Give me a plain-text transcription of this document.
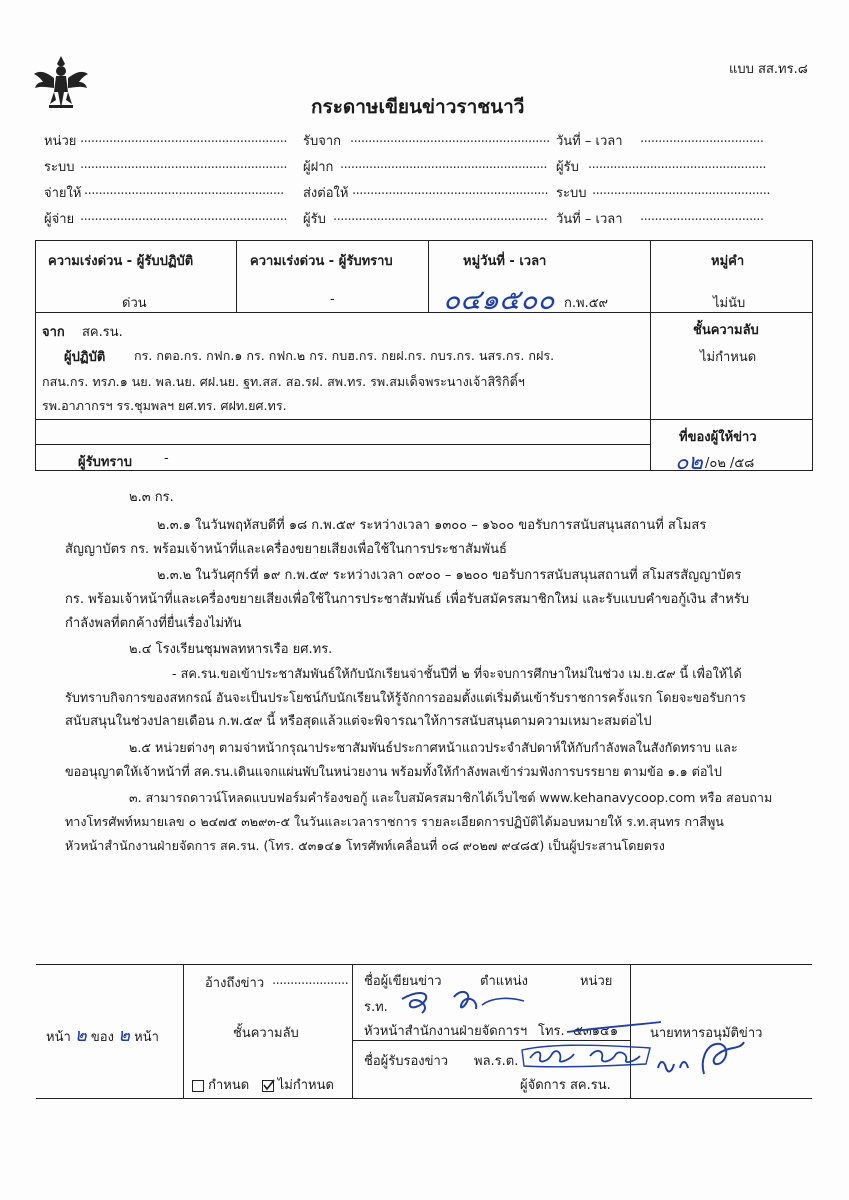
แบบ สส.ทร.๘
กระดาษเขียนข่าวราชนาวี
หน่วย ......................................................... รับจาก ....................................................... วันที่ – เวลา ..................................
ระบบ ......................................................... ผู้ฝาก ......................................................... ผู้รับ .................................................
จ่ายให้ ....................................................... ส่งต่อให้ ...................................................... ระบบ .................................................
ผู้จ่าย ......................................................... ผู้รับ ........................................................... วันที่ – เวลา ..................................
ความเร่งด่วน - ผู้รับปฏิบัติ	ความเร่งด่วน - ผู้รับทราบ	หมู่วันที่ - เวลา	หมู่คำ
ด่วน	-	๐๔๑๕๐๐ ก.พ.๕๙	ไม่นับ
จาก สค.รน.	ชั้นความลับ
ไม่กำหนด
ผู้ปฏิบัติ กร. กตอ.กร. กฟก.๑ กร. กฟก.๒ กร. กบฮ.กร. กยฝ.กร. กบร.กร. นสร.กร. กฝร.
กสน.กร. ทรภ.๑ นย. พล.นย. ศฝ.นย. ฐท.สส. สอ.รฝ. สพ.ทร. รพ.สมเด็จพระนางเจ้าสิริกิติ์ฯ
รพ.อาภากรฯ รร.ชุมพลฯ ยศ.ทร. ศฝท.ยศ.ทร.
ที่ของผู้ให้ข่าว
๐๒ /๐๒ /๕๘
ผู้รับทราบ -
๒.๓ กร.
๒.๓.๑ ในวันพฤหัสบดีที่ ๑๘ ก.พ.๕๙ ระหว่างเวลา ๑๓๐๐ – ๑๖๐๐ ขอรับการสนับสนุนสถานที่ สโมสร
สัญญาบัตร กร. พร้อมเจ้าหน้าที่และเครื่องขยายเสียงเพื่อใช้ในการประชาสัมพันธ์
๒.๓.๒ ในวันศุกร์ที่ ๑๙ ก.พ.๕๙ ระหว่างเวลา ๐๙๐๐ – ๑๒๐๐ ขอรับการสนับสนุนสถานที่ สโมสรสัญญาบัตร
กร. พร้อมเจ้าหน้าที่และเครื่องขยายเสียงเพื่อใช้ในการประชาสัมพันธ์ เพื่อรับสมัครสมาชิกใหม่ และรับแบบคำขอกู้เงิน สำหรับ
กำลังพลที่ตกค้างที่ยื่นเรื่องไม่ทัน
๒.๔ โรงเรียนชุมพลทหารเรือ ยศ.ทร.
- สค.รน.ขอเข้าประชาสัมพันธ์ให้กับนักเรียนจ่าชั้นปีที่ ๒ ที่จะจบการศึกษาใหม่ในช่วง เม.ย.๕๙ นี้ เพื่อให้ได้
รับทราบกิจการของสหกรณ์ อันจะเป็นประโยชน์กับนักเรียนให้รู้จักการออมตั้งแต่เริ่มต้นเข้ารับราชการครั้งแรก โดยจะขอรับการ
สนับสนุนในช่วงปลายเดือน ก.พ.๕๙ นี้ หรือสุดแล้วแต่จะพิจารณาให้การสนับสนุนตามความเหมาะสมต่อไป
๒.๕ หน่วยต่างๆ ตามจ่าหน้ากรุณาประชาสัมพันธ์ประกาศหน้าแถวประจำสัปดาห์ให้กับกำลังพลในสังกัดทราบ และ
ขออนุญาตให้เจ้าหน้าที่ สค.รน.เดินแจกแผ่นพับในหน่วยงาน พร้อมทั้งให้กำลังพลเข้าร่วมฟังการบรรยาย ตามข้อ ๑.๑ ต่อไป
๓. สามารถดาวน์โหลดแบบฟอร์มคำร้องขอกู้ และใบสมัครสมาชิกได้เว็บไซต์ www.kehanavycoop.com หรือ สอบถาม
ทางโทรศัพท์หมายเลข ๐ ๒๔๗๕ ๓๒๙๓-๕ ในวันและเวลาราชการ รายละเอียดการปฏิบัติได้มอบหมายให้ ร.ท.สุนทร กาสีพูน
หัวหน้าสำนักงานฝ่ายจัดการ สค.รน. (โทร. ๕๓๑๔๑ โทรศัพท์เคลื่อนที่ ๐๘ ๙๐๒๗ ๙๔๘๕) เป็นผู้ประสานโดยตรง
หน้า ๒ ของ ๒ หน้า
อ้างถึงข่าว .....................
ชั้นความลับ
กำหนด ไม่กำหนด
ชื่อผู้เขียนข่าว	ตำแหน่ง	หน่วย
ร.ท.
หัวหน้าสำนักงานฝ่ายจัดการฯ โทร. ๕๓๑๔๑
ชื่อผู้รับรองข่าว พล.ร.ต.
ผู้จัดการ สค.รน.
นายทหารอนุมัติข่าว
